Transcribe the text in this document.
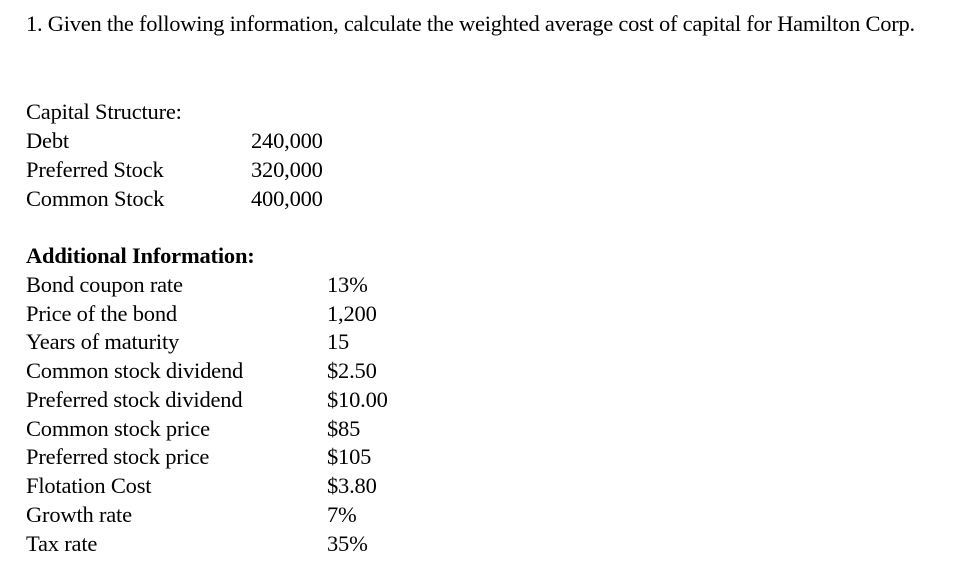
1. Given the following information, calculate the weighted average cost of capital for Hamilton Corp.
Capital Structure:
Debt	240,000
Preferred Stock	320,000
Common Stock	400,000
Additional Information:
Bond coupon rate	13%
Price of the bond	1,200
Years of maturity	15
Common stock dividend	$2.50
Preferred stock dividend	$10.00
Common stock price	$85
Preferred stock price	$105
Flotation Cost	$3.80
Growth rate	7%
Tax rate	35%
